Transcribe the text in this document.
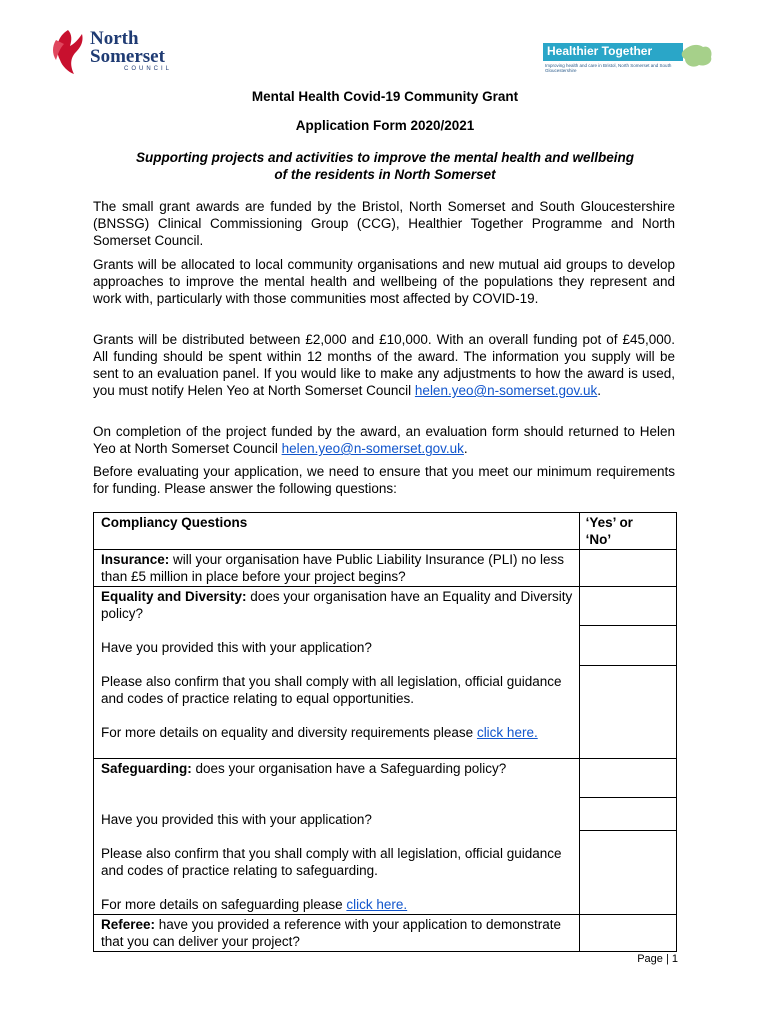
North
Somerset
COUNCIL
Healthier Together
Improving health and care in Bristol, North Somerset and South Gloucestershire
Mental Health Covid-19 Community Grant
Application Form 2020/2021
Supporting projects and activities to improve the mental health and wellbeing
of the residents in North Somerset

The small grant awards are funded by the Bristol, North Somerset and South Gloucestershire (BNSSG) Clinical Commissioning Group (CCG), Healthier Together Programme and North Somerset Council.

Grants will be allocated to local community organisations and new mutual aid groups to develop approaches to improve the mental health and wellbeing of the populations they represent and work with, particularly with those communities most affected by COVID-19.

Grants will be distributed between £2,000 and £10,000. With an overall funding pot of £45,000. All funding should be spent within 12 months of the award. The information you supply will be sent to an evaluation panel. If you would like to make any adjustments to how the award is used, you must notify Helen Yeo at North Somerset Council helen.yeo@n-somerset.gov.uk.

On completion of the project funded by the award, an evaluation form should returned to Helen Yeo at North Somerset Council helen.yeo@n-somerset.gov.uk.

Before evaluating your application, we need to ensure that you meet our minimum requirements for funding. Please answer the following questions:

Compliancy Questions	‘Yes’ or
‘No’
Insurance: will your organisation have Public Liability Insurance (PLI) no less than £5 million in place before your project begins?	
Equality and Diversity: does your organisation have an Equality and Diversity policy?
Have you provided this with your application?
Please also confirm that you shall comply with all legislation, official guidance and codes of practice relating to equal opportunities.
For more details on equality and diversity requirements please click here.	

Safeguarding: does your organisation have a Safeguarding policy?
Have you provided this with your application?
Please also confirm that you shall comply with all legislation, official guidance and codes of practice relating to safeguarding.
For more details on safeguarding please click here.	

Referee: have you provided a reference with your application to demonstrate that you can deliver your project?	
Page | 1
